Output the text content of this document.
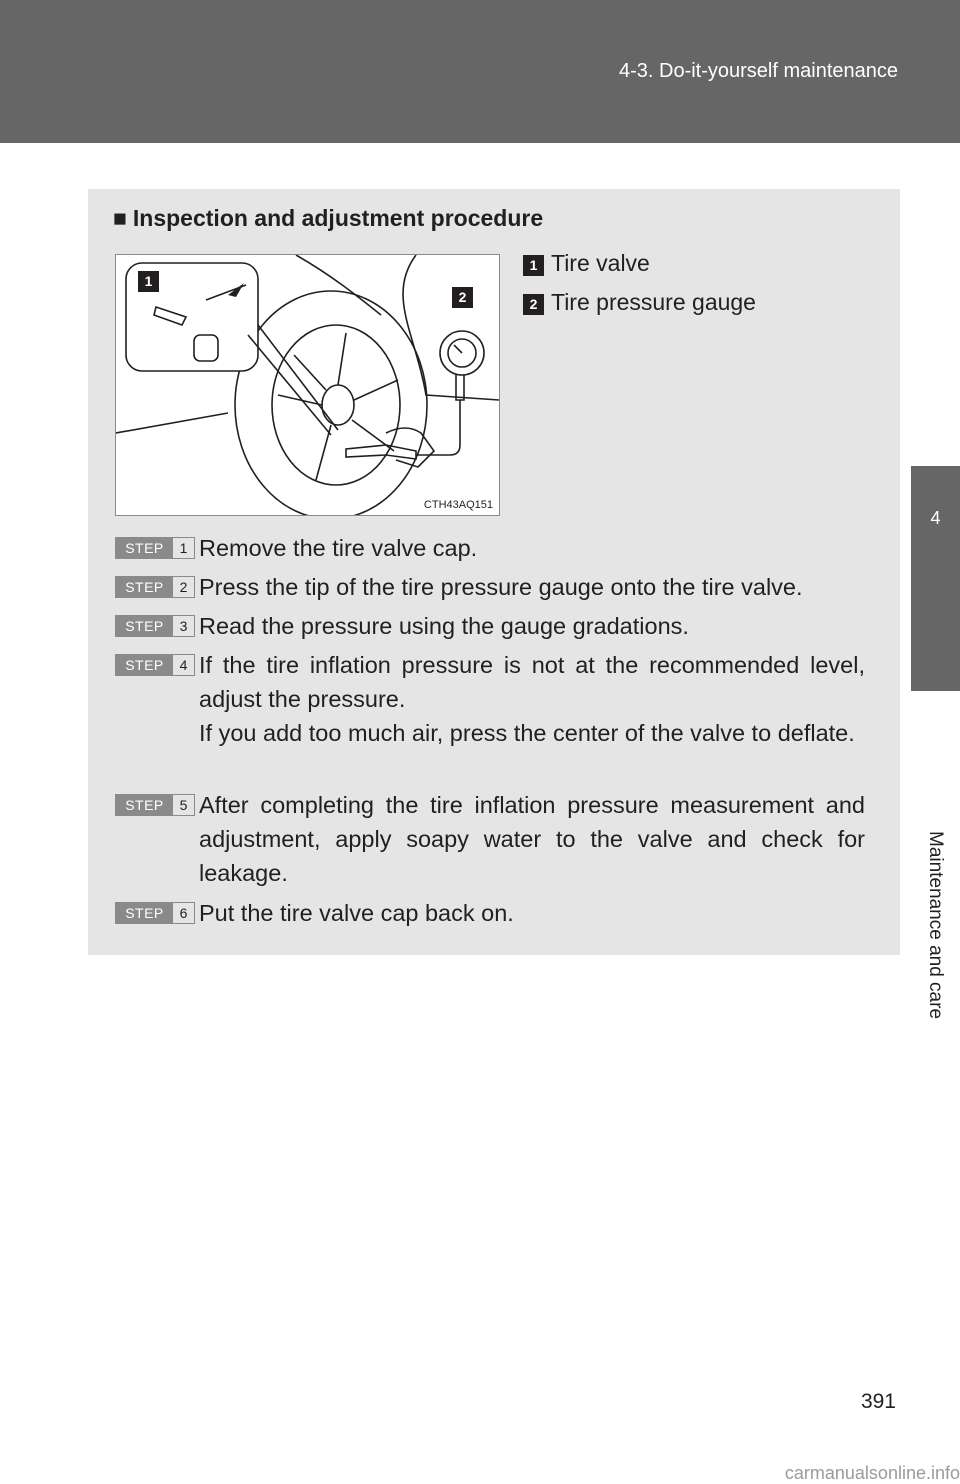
4-3. Do-it-yourself maintenance
4
Maintenance and care
■ Inspection and adjustment procedure
1
2
CTH43AQ151
1 Tire valve
2 Tire pressure gauge
STEP	1 Remove the tire valve cap.
STEP	2 Press the tip of the tire pressure gauge onto the tire valve.
STEP	3 Read the pressure using the gauge gradations.
STEP	4 If the tire inflation pressure is not at the recommended level, adjust the pressure.
If you add too much air, press the center of the valve to deflate.
STEP	5 After completing the tire inflation pressure measurement and adjustment, apply soapy water to the valve and check for leakage.
STEP	6 Put the tire valve cap back on.
391
carmanualsonline.info
